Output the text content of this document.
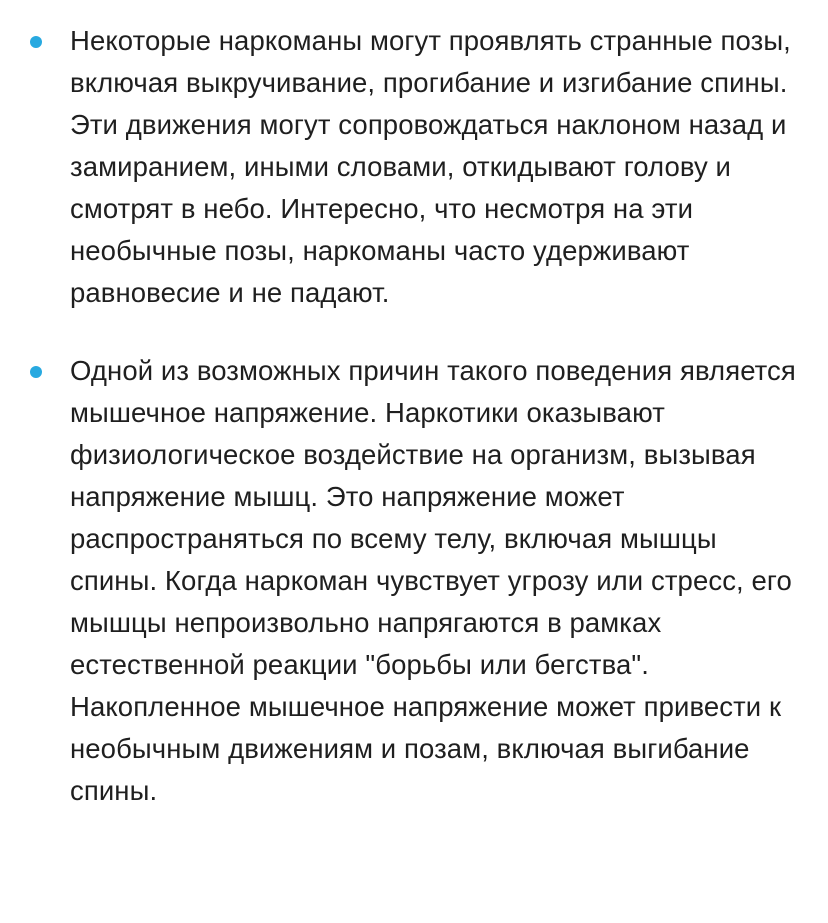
Некоторые наркоманы могут проявлять странные позы, включая выкручивание, прогибание и изгибание спины. Эти движения могут сопровождаться наклоном назад и замиранием, иными словами, откидывают голову и смотрят в небо. Интересно, что несмотря на эти необычные позы, наркоманы часто удерживают равновесие и не падают.

Одной из возможных причин такого поведения является мышечное напряжение. Наркотики оказывают физиологическое воздействие на организм, вызывая напряжение мышц. Это напряжение может распространяться по всему телу, включая мышцы спины. Когда наркоман чувствует угрозу или стресс, его мышцы непроизвольно напрягаются в рамках естественной реакции "борьбы или бегства". Накопленное мышечное напряжение может привести к необычным движениям и позам, включая выгибание спины.
